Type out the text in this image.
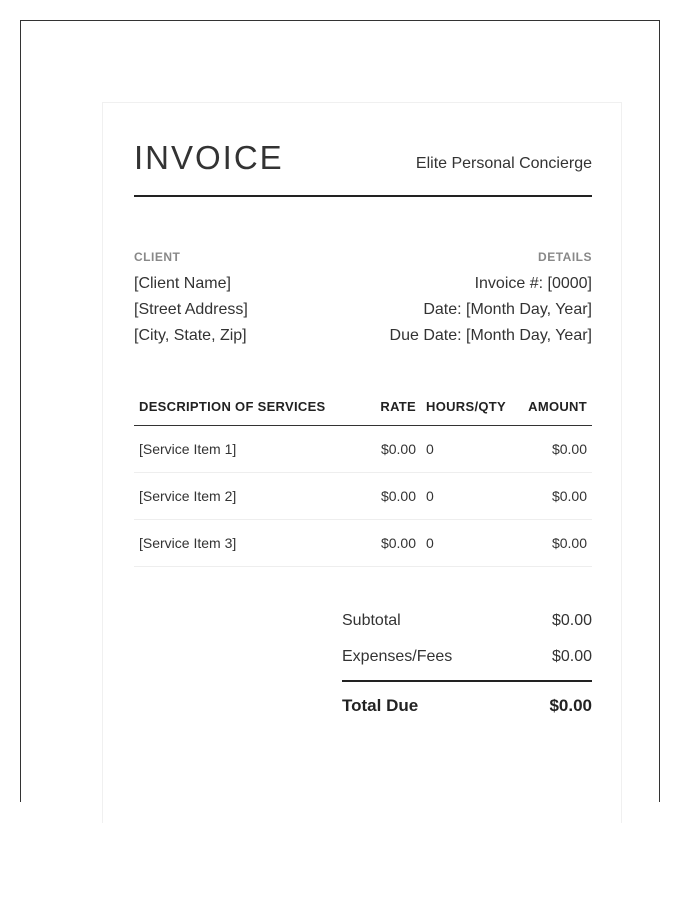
INVOICE	Elite Personal Concierge
CLIENT	DETAILS
[Client Name]
[Street Address]
[City, State, Zip]
Invoice #: [0000]
Date: [Month Day, Year]
Due Date: [Month Day, Year]
DESCRIPTION OF SERVICES	RATE	HOURS/QTY	AMOUNT
[Service Item 1]	$0.00	0	$0.00
[Service Item 2]	$0.00	0	$0.00
[Service Item 3]	$0.00	0	$0.00
Subtotal	$0.00
Expenses/Fees	$0.00
Total Due	$0.00
